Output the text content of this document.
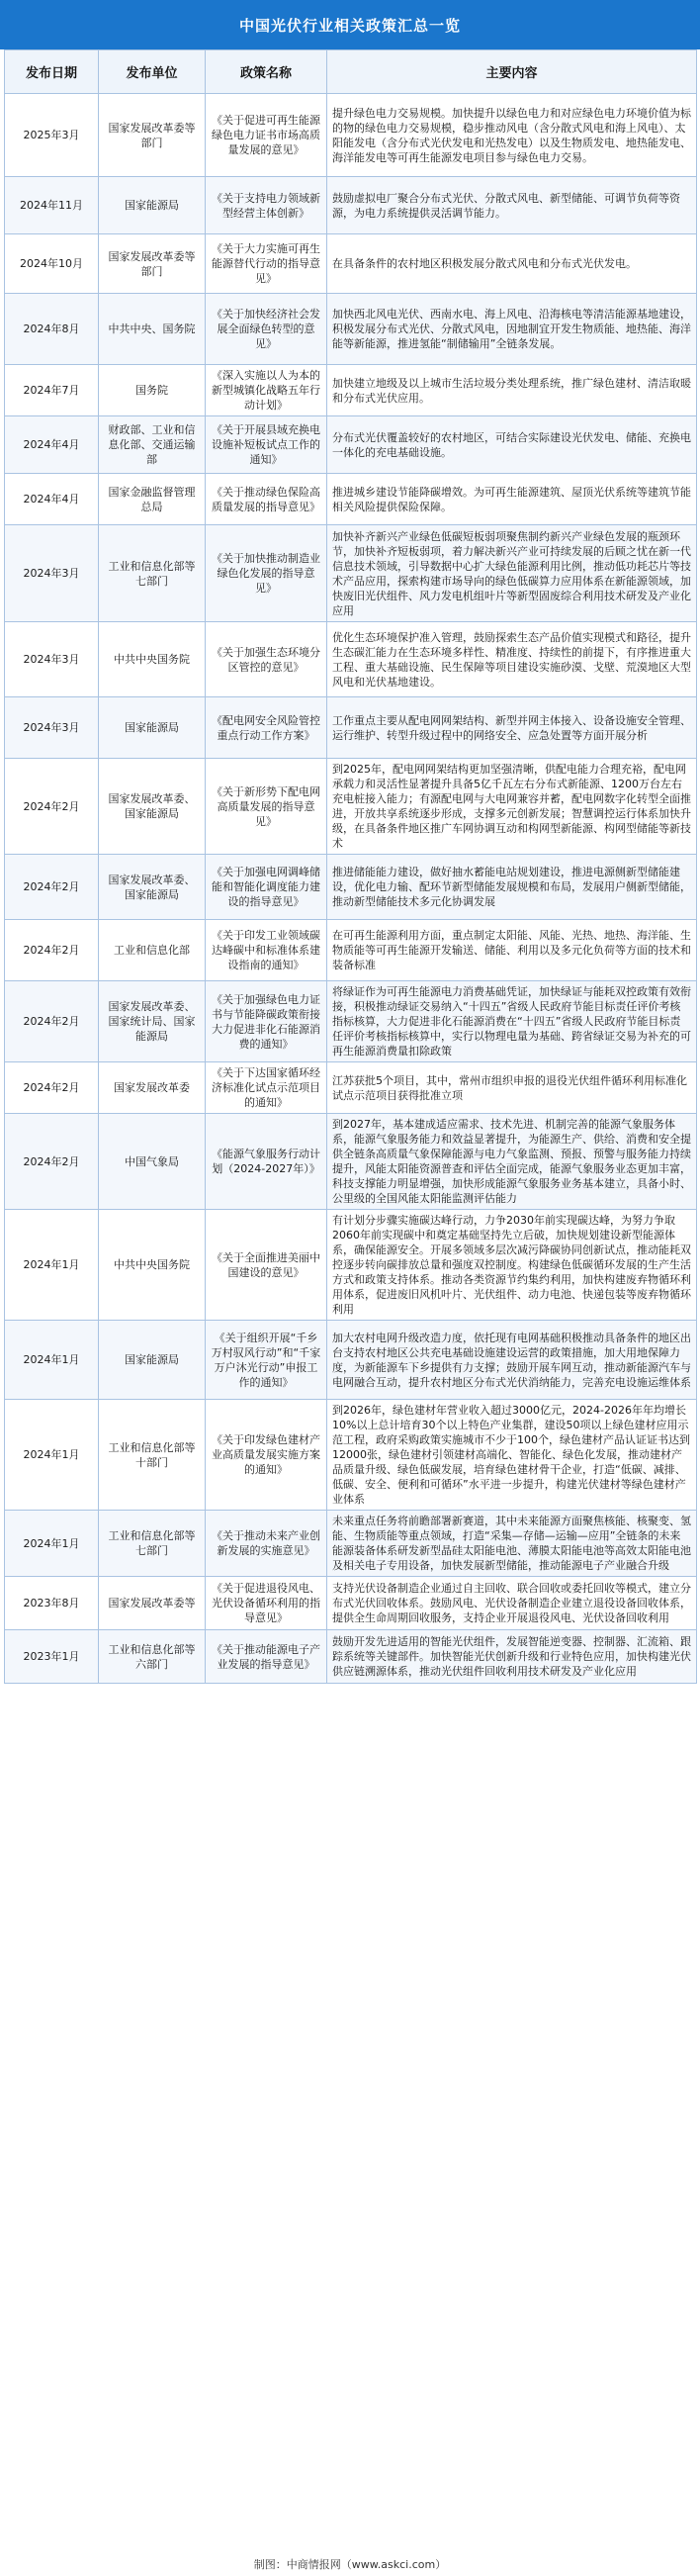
中国光伏行业相关政策汇总一览
发布日期	发布单位	政策名称	主要内容
2025年3月	国家发展改革委等部门	《关于促进可再生能源绿色电力证书市场高质量发展的意见》	提升绿色电力交易规模。加快提升以绿色电力和对应绿色电力环境价值为标的物的绿色电力交易规模，稳步推动风电（含分散式风电和海上风电）、太阳能发电（含分布式光伏发电和光热发电）以及生物质发电、地热能发电、海洋能发电等可再生能源发电项目参与绿色电力交易。
2024年11月	国家能源局	《关于支持电力领域新型经营主体创新》	鼓励虚拟电厂聚合分布式光伏、分散式风电、新型储能、可调节负荷等资源，为电力系统提供灵活调节能力。
2024年10月	国家发展改革委等部门	《关于大力实施可再生能源替代行动的指导意见》	在具备条件的农村地区积极发展分散式风电和分布式光伏发电。
2024年8月	中共中央、国务院	《关于加快经济社会发展全面绿色转型的意见》	加快西北风电光伏、西南水电、海上风电、沿海核电等清洁能源基地建设，积极发展分布式光伏、分散式风电，因地制宜开发生物质能、地热能、海洋能等新能源，推进氢能“制储输用”全链条发展。
2024年7月	国务院	《深入实施以人为本的新型城镇化战略五年行动计划》	加快建立地级及以上城市生活垃圾分类处理系统，推广绿色建材、清洁取暖和分布式光伏应用。
2024年4月	财政部、工业和信息化部、交通运输部	《关于开展县域充换电设施补短板试点工作的通知》	分布式光伏覆盖较好的农村地区，可结合实际建设光伏发电、储能、充换电一体化的充电基础设施。
2024年4月	国家金融监督管理总局	《关于推动绿色保险高质量发展的指导意见》	推进城乡建设节能降碳增效。为可再生能源建筑、屋顶光伏系统等建筑节能相关风险提供保险保障。
2024年3月	工业和信息化部等七部门	《关于加快推动制造业绿色化发展的指导意见》	加快补齐新兴产业绿色低碳短板弱项聚焦制约新兴产业绿色发展的瓶颈环节，加快补齐短板弱项，着力解决新兴产业可持续发展的后顾之忧在新一代信息技术领域，引导数据中心扩大绿色能源利用比例，推动低功耗芯片等技术产品应用，探索构建市场导向的绿色低碳算力应用体系在新能源领域，加快废旧光伏组件、风力发电机组叶片等新型固废综合利用技术研发及产业化应用
2024年3月	中共中央国务院	《关于加强生态环境分区管控的意见》	优化生态环境保护准入管理，鼓励探索生态产品价值实现模式和路径，提升生态碳汇能力在生态环境多样性、精准度、持续性的前提下，有序推进重大工程、重大基础设施、民生保障等项目建设实施砂漠、戈壁、荒漠地区大型风电和光伏基地建设。
2024年3月	国家能源局	《配电网安全风险管控重点行动工作方案》	工作重点主要从配电网网架结构、新型并网主体接入、设备设施安全管理、运行维护、转型升级过程中的网络安全、应急处置等方面开展分析
2024年2月	国家发展改革委、国家能源局	《关于新形势下配电网高质量发展的指导意见》	到2025年，配电网网架结构更加坚强清晰，供配电能力合理充裕，配电网承载力和灵活性显著提升具备5亿千瓦左右分布式新能源、1200万台左右充电桩接入能力；有源配电网与大电网兼容并蓄，配电网数字化转型全面推进，开放共享系统逐步形成，支撑多元创新发展；智慧调控运行体系加快升级，在具备条件地区推广车网协调互动和构网型新能源、构网型储能等新技术
2024年2月	国家发展改革委、国家能源局	《关于加强电网调峰储能和智能化调度能力建设的指导意见》	推进储能能力建设，做好抽水蓄能电站规划建设，推进电源侧新型储能建设，优化电力输、配环节新型储能发展规模和布局，发展用户侧新型储能，推动新型储能技术多元化协调发展
2024年2月	工业和信息化部	《关于印发工业领域碳达峰碳中和标准体系建设指南的通知》	在可再生能源利用方面，重点制定太阳能、风能、光热、地热、海洋能、生物质能等可再生能源开发输送、储能、利用以及多元化负荷等方面的技术和装备标准
2024年2月	国家发展改革委、国家统计局、国家能源局	《关于加强绿色电力证书与节能降碳政策衔接大力促进非化石能源消费的通知》	将绿证作为可再生能源电力消费基础凭证，加快绿证与能耗双控政策有效衔接，积极推动绿证交易纳入“十四五”省级人民政府节能目标责任评价考核指标核算，大力促进非化石能源消费在“十四五”省级人民政府节能目标责任评价考核指标核算中，实行以物理电量为基础、跨省绿证交易为补充的可再生能源消费量扣除政策
2024年2月	国家发展改革委	《关于下达国家循环经济标准化试点示范项目的通知》	江苏获批5个项目，其中，常州市组织申报的退役光伏组件循环利用标准化试点示范项目获得批准立项
2024年2月	中国气象局	《能源气象服务行动计划（2024-2027年）》	到2027年，基本建成适应需求、技术先进、机制完善的能源气象服务体系，能源气象服务能力和效益显著提升，为能源生产、供给、消费和安全提供全链条高质量气象保障能源与电力气象监测、预报、预警与服务能力持续提升，风能太阳能资源普查和评估全面完成，能源气象服务业态更加丰富，科技支撑能力明显增强，加快形成能源气象服务业务基本建立，具备小时、公里级的全国风能太阳能监测评估能力
2024年1月	中共中央国务院	《关于全面推进美丽中国建设的意见》	有计划分步骤实施碳达峰行动，力争2030年前实现碳达峰，为努力争取2060年前实现碳中和奠定基础坚持先立后破，加快规划建设新型能源体系，确保能源安全。开展多领域多层次减污降碳协同创新试点，推动能耗双控逐步转向碳排放总量和强度双控制度。构建绿色低碳循环发展的生产生活方式和政策支持体系。推动各类资源节约集约利用，加快构建废弃物循环利用体系，促进废旧风机叶片、光伏组件、动力电池、快递包装等废弃物循环利用
2024年1月	国家能源局	《关于组织开展“千乡万村驭风行动”和“千家万户沐光行动”申报工作的通知》	加大农村电网升级改造力度，依托现有电网基础积极推动具备条件的地区出台支持农村地区公共充电基础设施建设运营的政策措施，加大用地保障力度，为新能源车下乡提供有力支撑；鼓励开展车网互动，推动新能源汽车与电网融合互动，提升农村地区分布式光伏消纳能力，完善充电设施运维体系
2024年1月	工业和信息化部等十部门	《关于印发绿色建材产业高质量发展实施方案的通知》	到2026年，绿色建材年营业收入超过3000亿元，2024-2026年年均增长10%以上总计培育30个以上特色产业集群，建设50项以上绿色建材应用示范工程，政府采购政策实施城市不少于100个，绿色建材产品认证证书达到12000张，绿色建材引领建材高端化、智能化、绿色化发展，推动建材产品质量升级、绿色低碳发展，培育绿色建材骨干企业，打造“低碳、减排、低碳、安全、便利和可循环”水平进一步提升，构建光伏建材等绿色建材产业体系
2024年1月	工业和信息化部等七部门	《关于推动未来产业创新发展的实施意见》	未来重点任务将前瞻部署新赛道，其中未来能源方面聚焦核能、核聚变、氢能、生物质能等重点领域，打造“采集—存储—运输—应用”全链条的未来能源装备体系研发新型晶硅太阳能电池、薄膜太阳能电池等高效太阳能电池及相关电子专用设备，加快发展新型储能，推动能源电子产业融合升级
2023年8月	国家发展改革委等	《关于促进退役风电、光伏设备循环利用的指导意见》	支持光伏设备制造企业通过自主回收、联合回收或委托回收等模式，建立分布式光伏回收体系。鼓励风电、光伏设备制造企业建立退役设备回收体系，提供全生命周期回收服务，支持企业开展退役风电、光伏设备回收利用
2023年1月	工业和信息化部等六部门	《关于推动能源电子产业发展的指导意见》	鼓励开发先进适用的智能光伏组件，发展智能逆变器、控制器、汇流箱、跟踪系统等关键部件。加快智能光伏创新升级和行业特色应用，加快构建光伏供应链溯源体系，推动光伏组件回收利用技术研发及产业化应用
制图：中商情报网（www.askci.com）
